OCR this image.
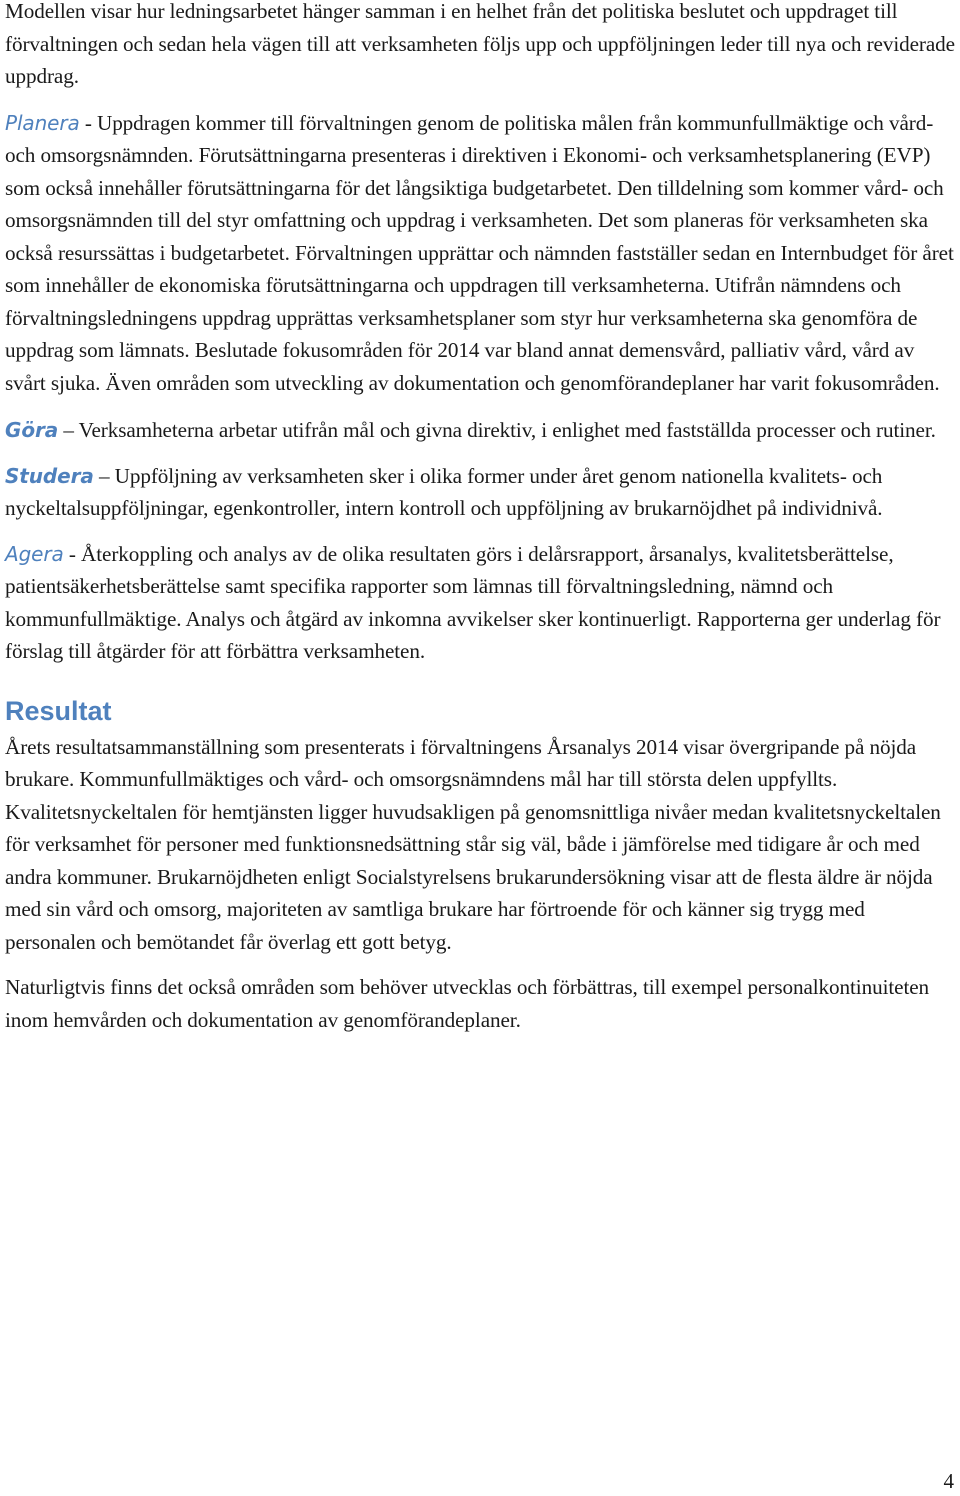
Modellen visar hur ledningsarbetet hänger samman i en helhet från det politiska beslutet och uppdraget till förvaltningen och sedan hela vägen till att verksamheten följs upp och uppföljningen leder till nya och reviderade uppdrag.

Planera - Uppdragen kommer till förvaltningen genom de politiska målen från kommunfullmäktige och vård- och omsorgsnämnden. Förutsättningarna presenteras i direktiven i Ekonomi- och verksamhetsplanering (EVP) som också innehåller förutsättningarna för det långsiktiga budgetarbetet. Den tilldelning som kommer vård- och omsorgsnämnden till del styr omfattning och uppdrag i verksamheten. Det som planeras för verksamheten ska också resurssättas i budgetarbetet. Förvaltningen upprättar och nämnden fastställer sedan en Internbudget för året som innehåller de ekonomiska förutsättningarna och uppdragen till verksamheterna. Utifrån nämndens och förvaltningsledningens uppdrag upprättas verksamhetsplaner som styr hur verksamheterna ska genomföra de uppdrag som lämnats. Beslutade fokusområden för 2014 var bland annat demensvård, palliativ vård, vård av svårt sjuka. Även områden som utveckling av dokumentation och genomförandeplaner har varit fokusområden.

Göra – Verksamheterna arbetar utifrån mål och givna direktiv, i enlighet med fastställda processer och rutiner.

Studera – Uppföljning av verksamheten sker i olika former under året genom nationella kvalitets- och nyckeltalsuppföljningar, egenkontroller, intern kontroll och uppföljning av brukarnöjdhet på individnivå.

Agera - Återkoppling och analys av de olika resultaten görs i delårsrapport, årsanalys, kvalitetsberättelse, patientsäkerhetsberättelse samt specifika rapporter som lämnas till förvaltningsledning, nämnd och kommunfullmäktige. Analys och åtgärd av inkomna avvikelser sker kontinuerligt. Rapporterna ger underlag för förslag till åtgärder för att förbättra verksamheten.

Resultat

Årets resultatsammanställning som presenterats i förvaltningens Årsanalys 2014 visar övergripande på nöjda brukare. Kommunfullmäktiges och vård- och omsorgsnämndens mål har till största delen uppfyllts. Kvalitetsnyckeltalen för hemtjänsten ligger huvudsakligen på genomsnittliga nivåer medan kvalitetsnyckeltalen för verksamhet för personer med funktionsnedsättning står sig väl, både i jämförelse med tidigare år och med andra kommuner. Brukarnöjdheten enligt Socialstyrelsens brukarundersökning visar att de flesta äldre är nöjda med sin vård och omsorg, majoriteten av samtliga brukare har förtroende för och känner sig trygg med personalen och bemötandet får överlag ett gott betyg.

Naturligtvis finns det också områden som behöver utvecklas och förbättras, till exempel personalkontinuiteten inom hemvården och dokumentation av genomförandeplaner.

4
